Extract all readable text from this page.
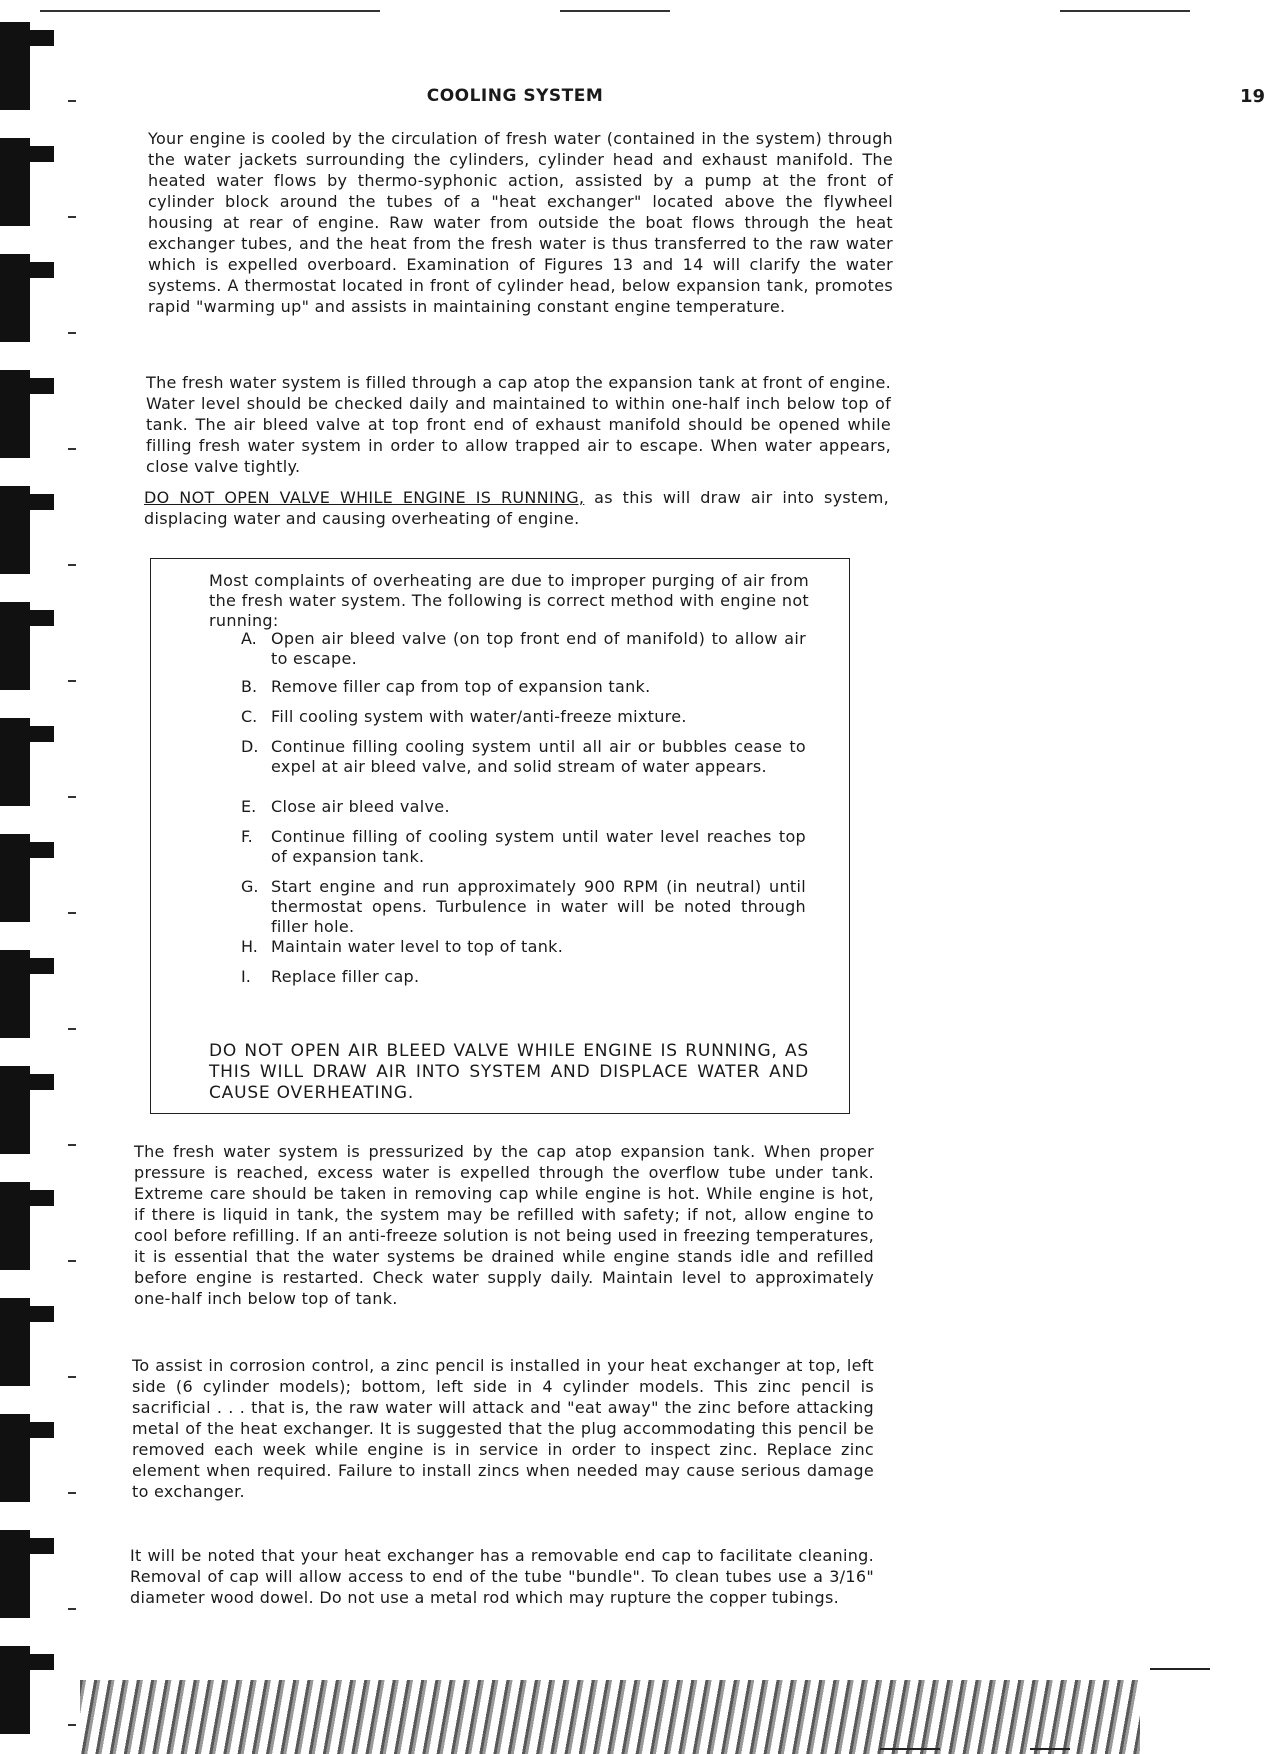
COOLING SYSTEM	19

Your engine is cooled by the circulation of fresh water (contained in the system) through the water jackets surrounding the cylinders, cylinder head and exhaust manifold. The heated water flows by thermo-syphonic action, assisted by a pump at the front of cylinder block around the tubes of a "heat exchanger" located above the flywheel housing at rear of engine. Raw water from outside the boat flows through the heat exchanger tubes, and the heat from the fresh water is thus transferred to the raw water which is expelled overboard. Examination of Figures 13 and 14 will clarify the water systems. A thermostat located in front of cylinder head, below expansion tank, promotes rapid "warming up" and assists in maintaining constant engine temperature.

The fresh water system is filled through a cap atop the expansion tank at front of engine. Water level should be checked daily and maintained to within one-half inch below top of tank. The air bleed valve at top front end of exhaust manifold should be opened while filling fresh water system in order to allow trapped air to escape. When water appears, close valve tightly.

DO NOT OPEN VALVE WHILE ENGINE IS RUNNING, as this will draw air into system, displacing water and causing overheating of engine.

Most complaints of overheating are due to improper purging of air from the fresh water system. The following is correct method with engine not running:

A. Open air bleed valve (on top front end of manifold) to allow air to escape.
B. Remove filler cap from top of expansion tank.
C. Fill cooling system with water/anti-freeze mixture.
D. Continue filling cooling system until all air or bubbles cease to expel at air bleed valve, and solid stream of water appears.
E. Close air bleed valve.
F.	Continue filling of cooling system until water level reaches top of expansion tank.
G. Start engine and run approximately 900 RPM (in neutral) until thermostat opens. Turbulence in water will be noted through filler hole.
H. Maintain water level to top of tank.
I.	Replace filler cap.

DO NOT OPEN AIR BLEED VALVE WHILE ENGINE IS RUNNING, AS THIS WILL DRAW AIR INTO SYSTEM AND DISPLACE WATER AND CAUSE OVERHEATING.

The fresh water system is pressurized by the cap atop expansion tank. When proper pressure is reached, excess water is expelled through the overflow tube under tank. Extreme care should be taken in removing cap while engine is hot. While engine is hot, if there is liquid in tank, the system may be refilled with safety; if not, allow engine to cool before refilling. If an anti-freeze solution is not being used in freezing temperatures, it is essential that the water systems be drained while engine stands idle and refilled before engine is restarted. Check water supply daily. Maintain level to approximately one-half inch below top of tank.

To assist in corrosion control, a zinc pencil is installed in your heat exchanger at top, left side (6 cylinder models); bottom, left side in 4 cylinder models. This zinc pencil is sacrificial . . . that is, the raw water will attack and "eat away" the zinc before attacking metal of the heat exchanger. It is suggested that the plug accommodating this pencil be removed each week while engine is in service in order to inspect zinc. Replace zinc element when required. Failure to install zincs when needed may cause serious damage to exchanger.

It will be noted that your heat exchanger has a removable end cap to facilitate cleaning. Removal of cap will allow access to end of the tube "bundle". To clean tubes use a 3/16" diameter wood dowel. Do not use a metal rod which may rupture the copper tubings.
